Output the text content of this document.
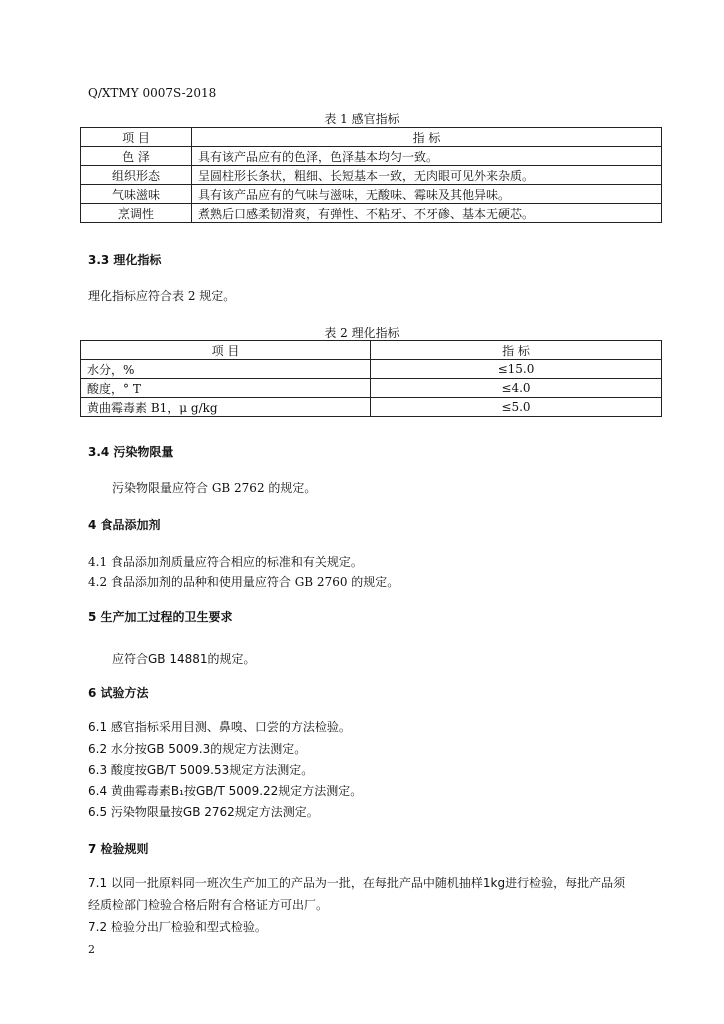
Q/XTMY 0007S-2018
表 1 感官指标
项 目	指 标
色 泽	具有该产品应有的色泽，色泽基本均匀一致。
组织形态	呈圆柱形长条状，粗细、长短基本一致，无肉眼可见外来杂质。
气味滋味	具有该产品应有的气味与滋味，无酸味、霉味及其他异味。
烹调性	煮熟后口感柔韧滑爽，有弹性、不粘牙、不牙碜、基本无硬芯。
3.3 理化指标
理化指标应符合表 2 规定。
表 2 理化指标
项 目	指 标
水分，%	≤15.0
酸度，° T	≤4.0
黄曲霉毒素 B1，μ g/kg	≤5.0
3.4 污染物限量
污染物限量应符合 GB 2762 的规定。
4 食品添加剂
4.1 食品添加剂质量应符合相应的标准和有关规定。
4.2 食品添加剂的品种和使用量应符合 GB 2760 的规定。
5 生产加工过程的卫生要求
应符合GB 14881的规定。
6 试验方法
6.1 感官指标采用目测、鼻嗅、口尝的方法检验。
6.2 水分按GB 5009.3的规定方法测定。
6.3 酸度按GB/T 5009.53规定方法测定。
6.4 黄曲霉毒素B₁按GB/T 5009.22规定方法测定。
6.5 污染物限量按GB 2762规定方法测定。
7 检验规则
7.1 以同一批原料同一班次生产加工的产品为一批，在每批产品中随机抽样1kg进行检验，每批产品须
经质检部门检验合格后附有合格证方可出厂。
7.2 检验分出厂检验和型式检验。
2
